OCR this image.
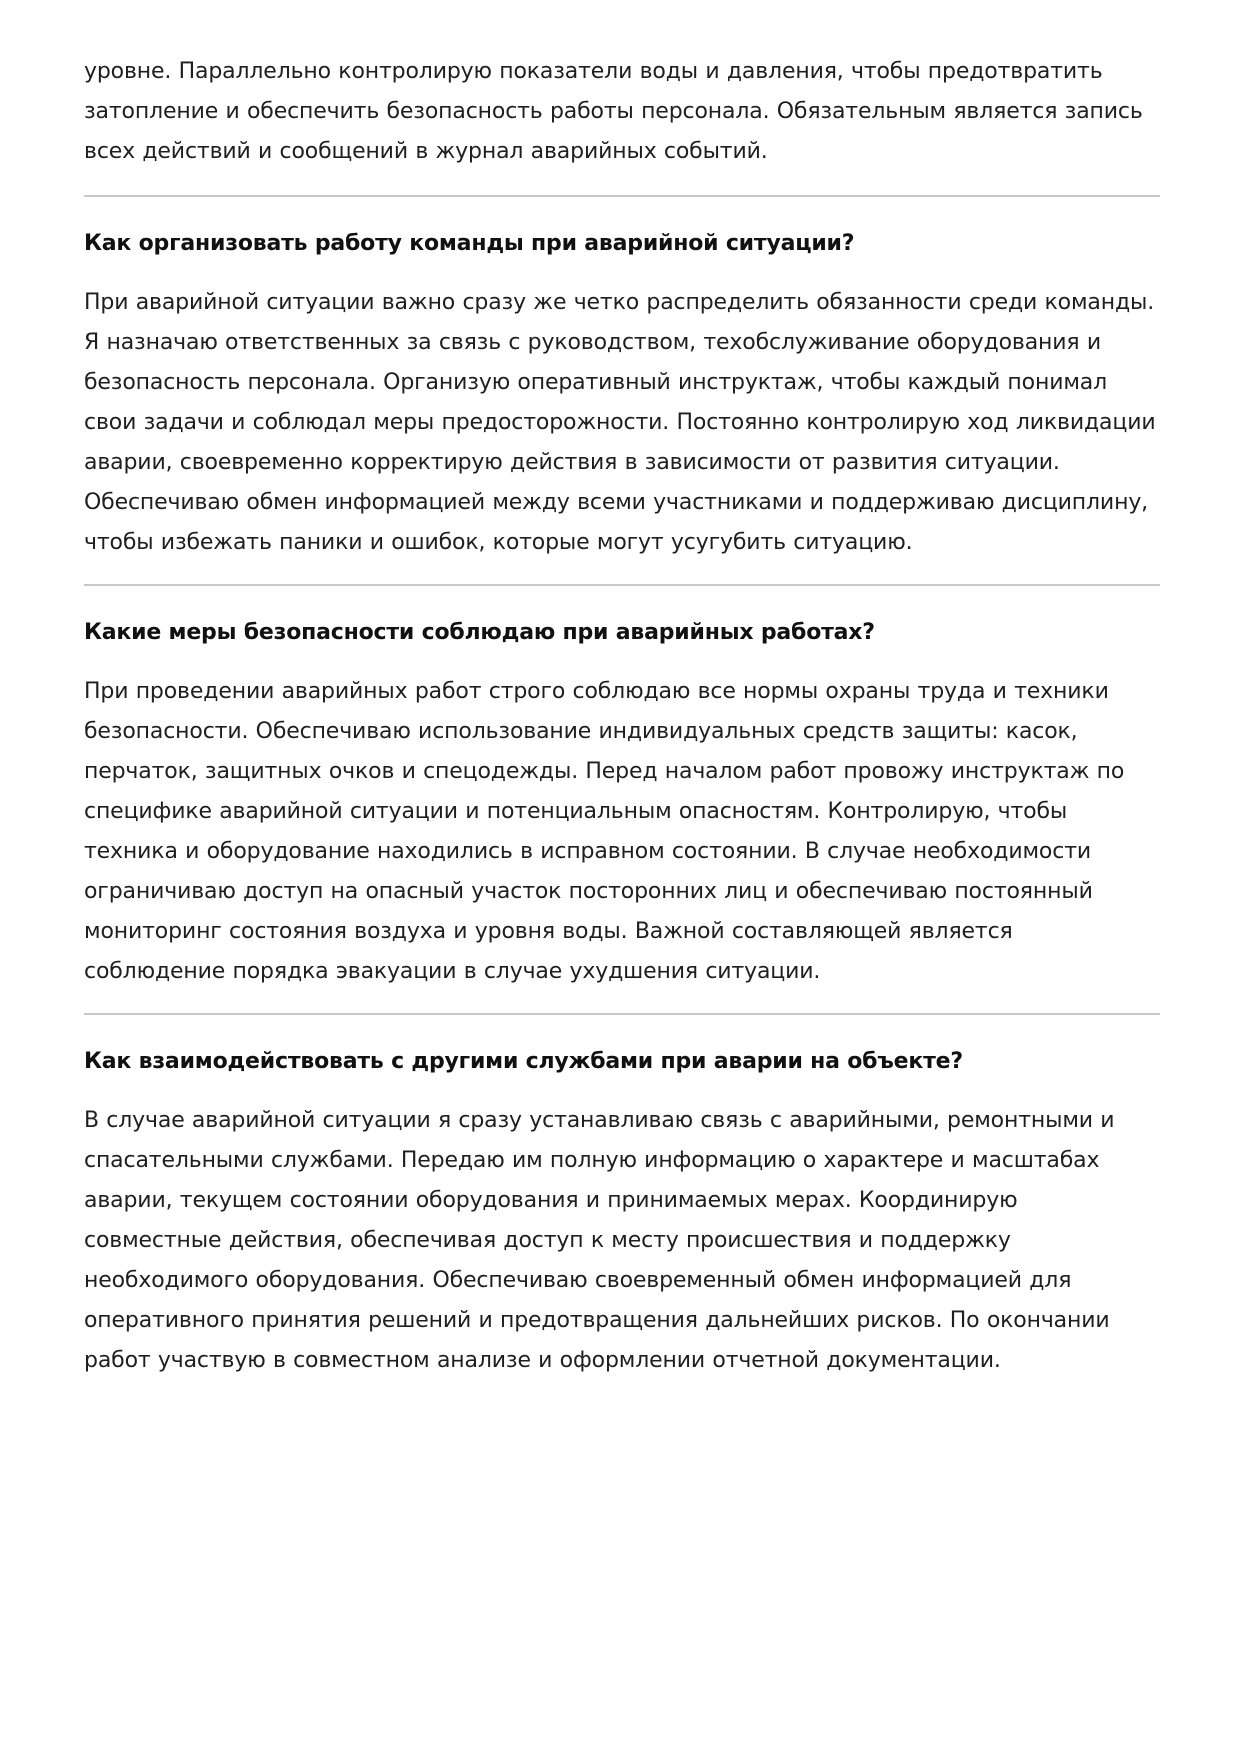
уровне. Параллельно контролирую показатели воды и давления, чтобы предотвратить затопление и обеспечить безопасность работы персонала. Обязательным является запись всех действий и сообщений в журнал аварийных событий.

Как организовать работу команды при аварийной ситуации?

При аварийной ситуации важно сразу же четко распределить обязанности среди команды. Я назначаю ответственных за связь с руководством, техобслуживание оборудования и безопасность персонала. Организую оперативный инструктаж, чтобы каждый понимал свои задачи и соблюдал меры предосторожности. Постоянно контролирую ход ликвидации аварии, своевременно корректирую действия в зависимости от развития ситуации. Обеспечиваю обмен информацией между всеми участниками и поддерживаю дисциплину, чтобы избежать паники и ошибок, которые могут усугубить ситуацию.

Какие меры безопасности соблюдаю при аварийных работах?

При проведении аварийных работ строго соблюдаю все нормы охраны труда и техники безопасности. Обеспечиваю использование индивидуальных средств защиты: касок, перчаток, защитных очков и спецодежды. Перед началом работ провожу инструктаж по специфике аварийной ситуации и потенциальным опасностям. Контролирую, чтобы техника и оборудование находились в исправном состоянии. В случае необходимости ограничиваю доступ на опасный участок посторонних лиц и обеспечиваю постоянный мониторинг состояния воздуха и уровня воды. Важной составляющей является соблюдение порядка эвакуации в случае ухудшения ситуации.

Как взаимодействовать с другими службами при аварии на объекте?

В случае аварийной ситуации я сразу устанавливаю связь с аварийными, ремонтными и спасательными службами. Передаю им полную информацию о характере и масштабах аварии, текущем состоянии оборудования и принимаемых мерах. Координирую совместные действия, обеспечивая доступ к месту происшествия и поддержку необходимого оборудования. Обеспечиваю своевременный обмен информацией для оперативного принятия решений и предотвращения дальнейших рисков. По окончании работ участвую в совместном анализе и оформлении отчетной документации.
